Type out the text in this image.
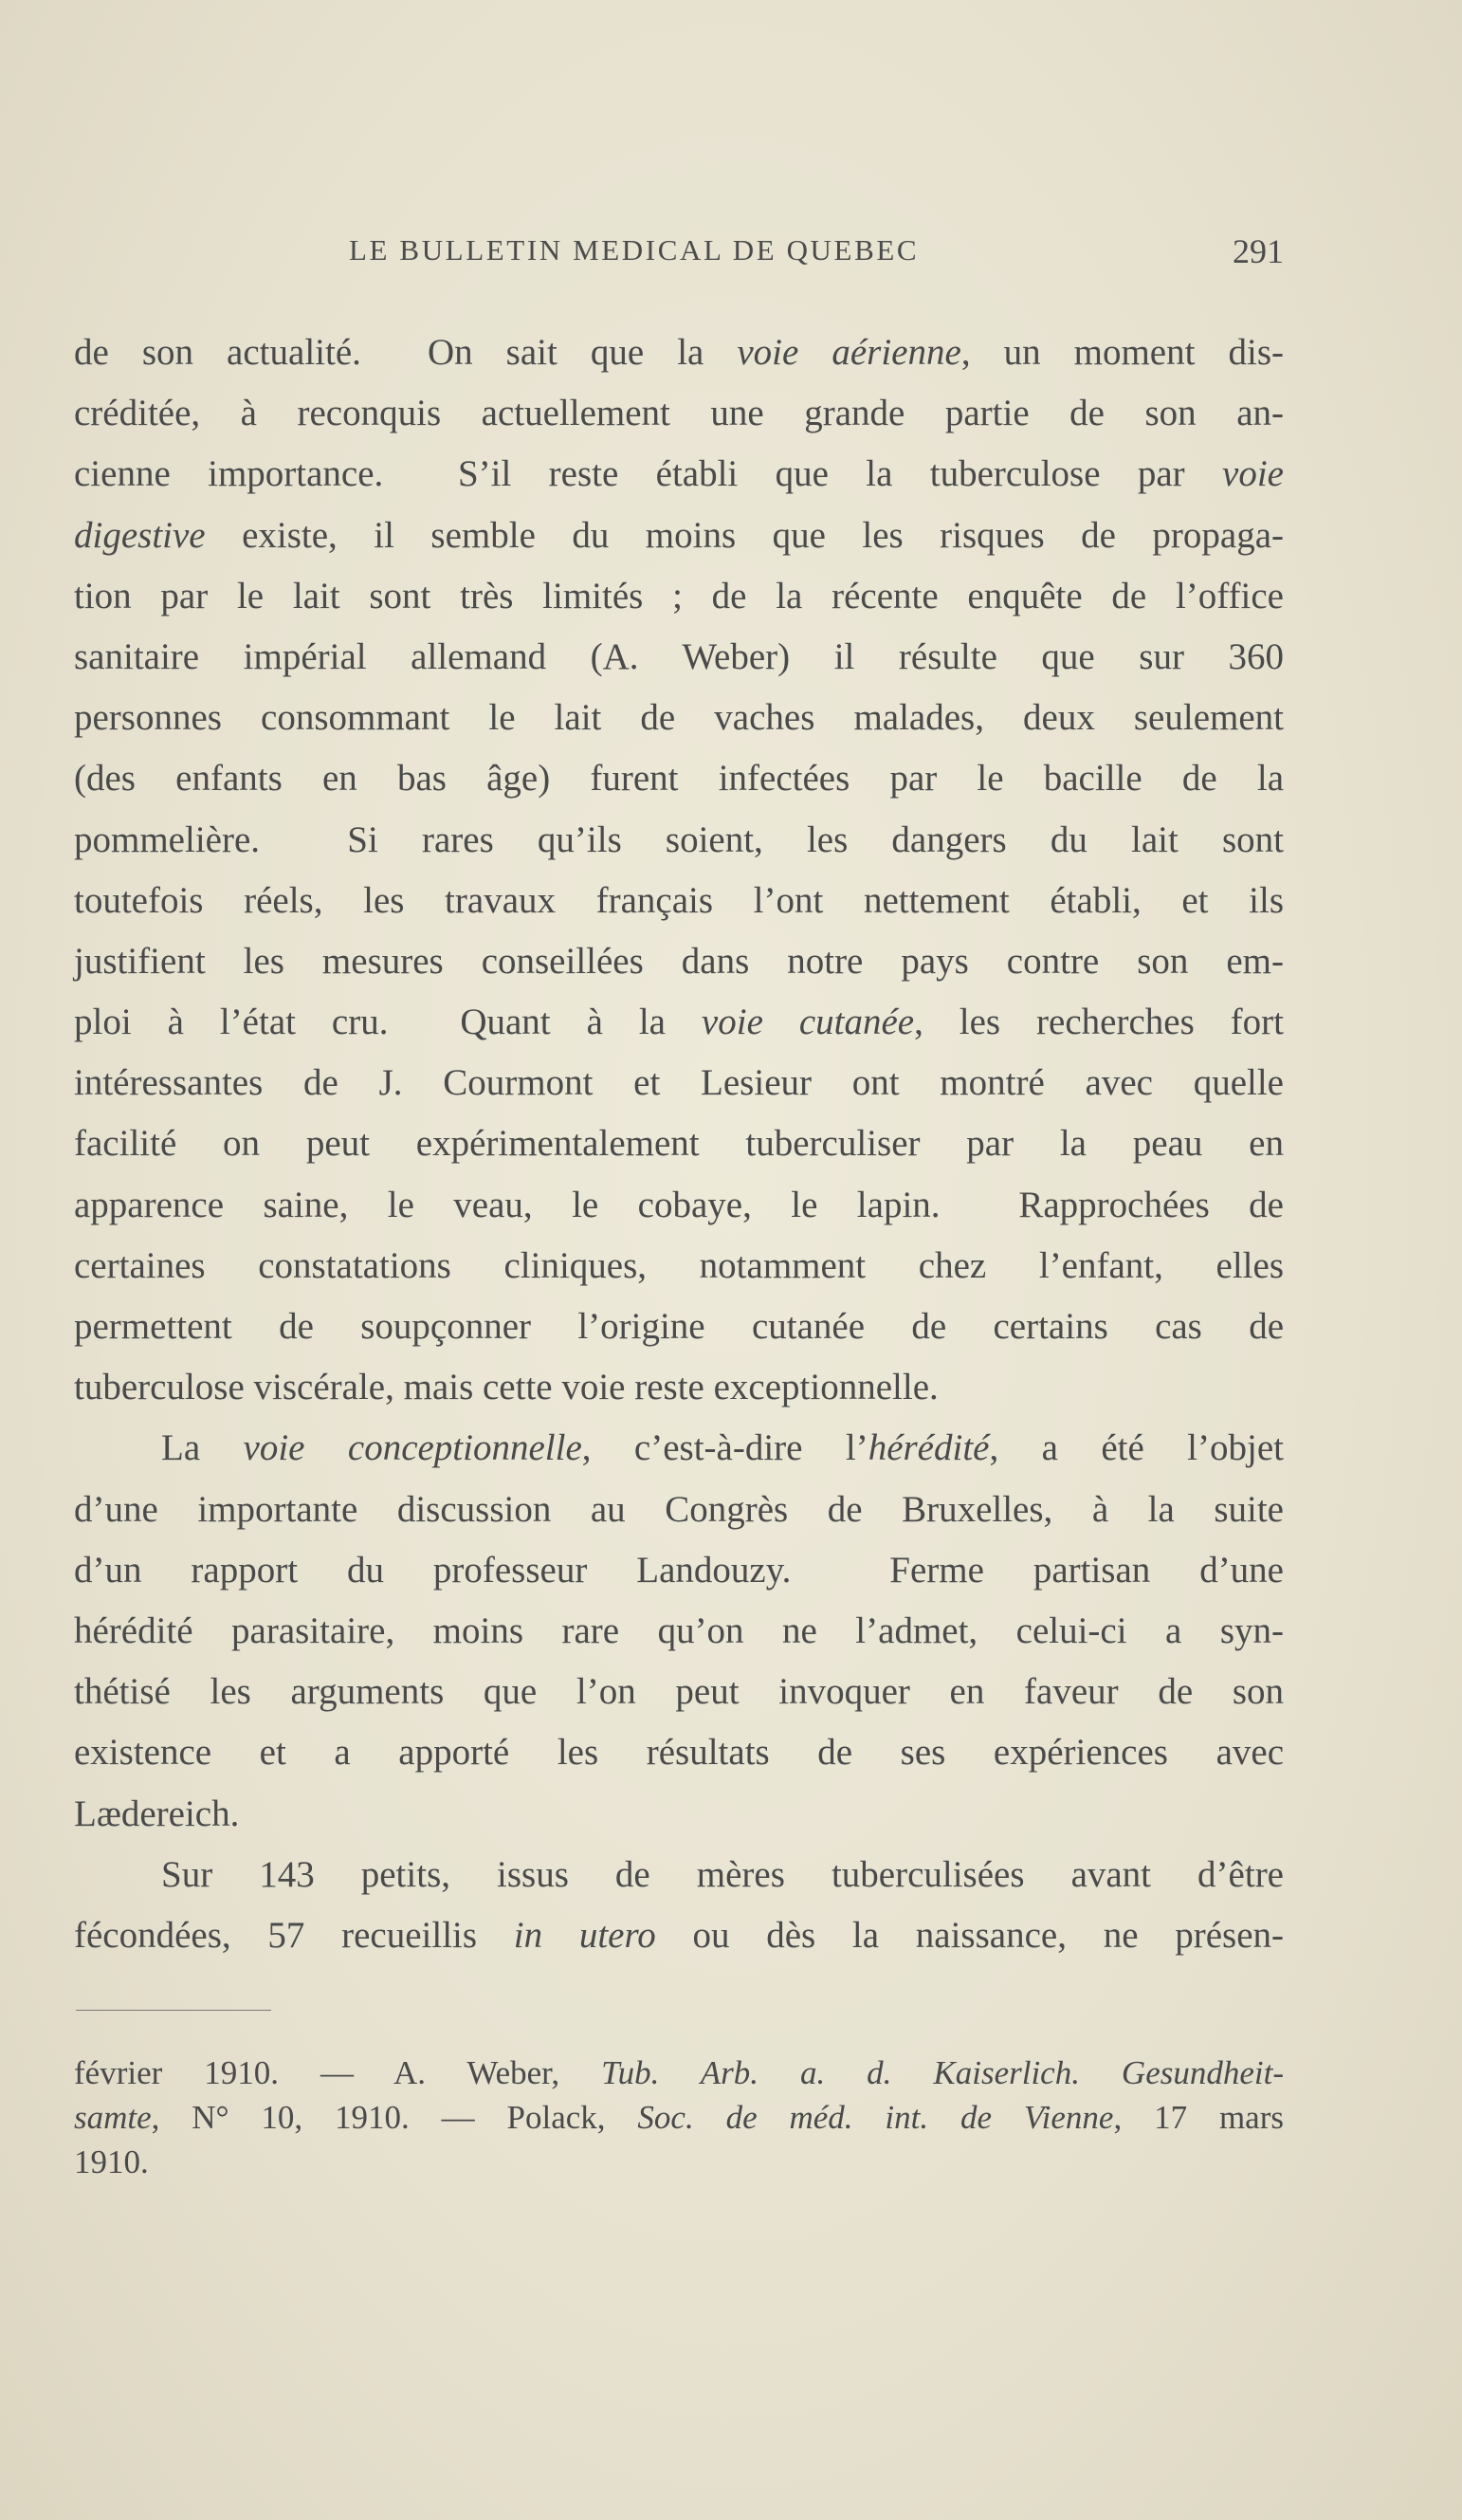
LE BULLETIN MEDICAL DE QUEBEC	291
de son actualité.  On sait que la voie aérienne, un moment dis-
créditée, à reconquis actuellement une grande partie de son an-
cienne importance.  S’il reste établi que la tuberculose par voie
digestive existe, il semble du moins que les risques de propaga-
tion par le lait sont très limités ; de la récente enquête de l’office
sanitaire impérial allemand (A. Weber) il résulte que sur 360
personnes consommant le lait de vaches malades, deux seulement
(des enfants en bas âge) furent infectées par le bacille de la
pommelière.  Si rares qu’ils soient, les dangers du lait sont
toutefois réels, les travaux français l’ont nettement établi, et ils
justifient les mesures conseillées dans notre pays contre son em-
ploi à l’état cru.  Quant à la voie cutanée, les recherches fort
intéressantes de J. Courmont et Lesieur ont montré avec quelle
facilité on peut expérimentalement tuberculiser par la peau en
apparence saine, le veau, le cobaye, le lapin.  Rapprochées de
certaines constatations cliniques, notamment chez l’enfant, elles
permettent de soupçonner l’origine cutanée de certains cas de
tuberculose viscérale, mais cette voie reste exceptionnelle.
La voie conceptionnelle, c’est-à-dire l’hérédité, a été l’objet
d’une importante discussion au Congrès de Bruxelles, à la suite
d’un rapport du professeur Landouzy.  Ferme partisan d’une
hérédité parasitaire, moins rare qu’on ne l’admet, celui-ci a syn-
thétisé les arguments que l’on peut invoquer en faveur de son
existence et a apporté les résultats de ses expériences avec
Lædereich.
Sur 143 petits, issus de mères tuberculisées avant d’être
fécondées, 57 recueillis in utero ou dès la naissance, ne présen-
février 1910. — A. Weber, Tub. Arb. a. d. Kaiserlich. Gesundheit-
samte, N° 10, 1910. — Polack, Soc. de méd. int. de Vienne, 17 mars
1910.
